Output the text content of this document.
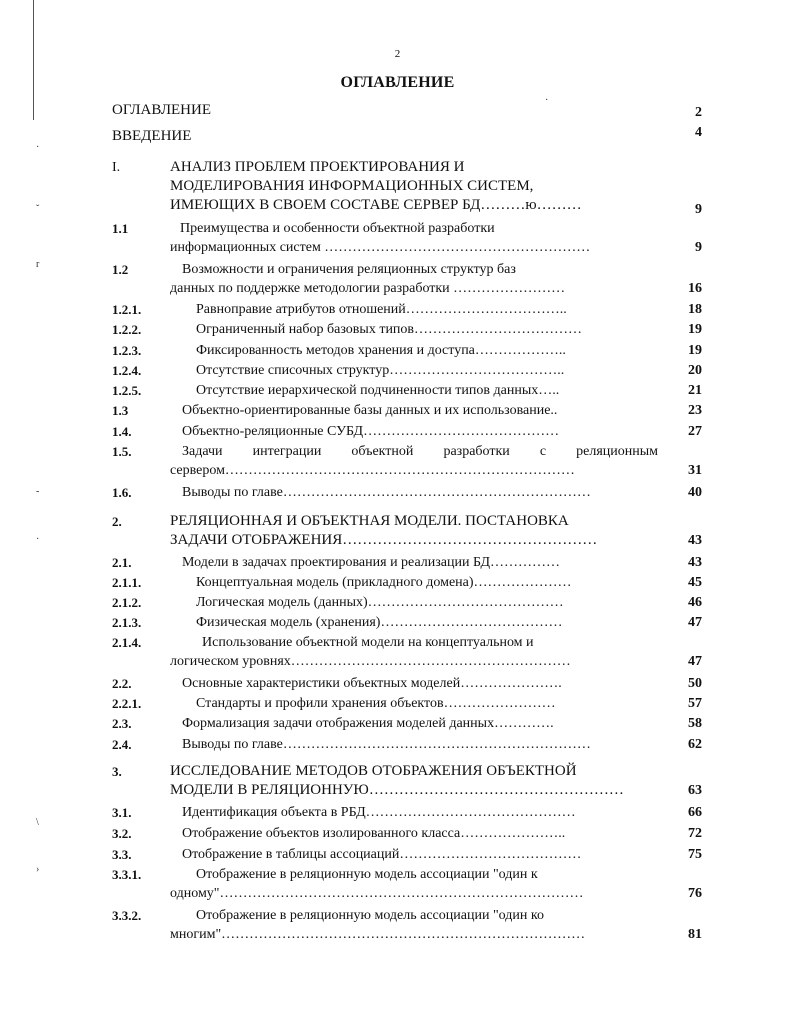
·
ˇ
r
-
·
\
›
·
2
ОГЛАВЛЕНИЕ
ОГЛАВЛЕНИЕ	2
ВВЕДЕНИЕ	4
I.	АНАЛИЗ ПРОБЛЕМ ПРОЕКТИРОВАНИЯ И
МОДЕЛИРОВАНИЯ ИНФОРМАЦИОННЫХ СИСТЕМ,
ИМЕЮЩИХ В СВОЕМ СОСТАВЕ СЕРВЕР БД………ю………	9
1.1	Преимущества и особенности объектной разработки
информационных систем …………………………………………………	9
1.2	Возможности и ограничения реляционных структур баз
данных по поддержке методологии разработки ……………………	16
1.2.1.	Равноправие атрибутов отношений……………………………..	18
1.2.2.	Ограниченный набор базовых типов………………………………	19
1.2.3.	Фиксированность методов хранения и доступа………………..	19
1.2.4.	Отсутствие списочных структур………………………………..	20
1.2.5.	Отсутствие иерархической подчиненности типов данных…..	21
1.3	Объектно-ориентированные базы данных и их использование..	23
1.4.	Объектно-реляционные СУБД……………………………………	27
1.5.	Задачи интеграции объектной разработки с реляционным
сервером…………………………………………………………………	31
1.6.	Выводы по главе…………………………………………………………	40
2.	РЕЛЯЦИОННАЯ И ОБЪЕКТНАЯ МОДЕЛИ. ПОСТАНОВКА
ЗАДАЧИ ОТОБРАЖЕНИЯ……………………………………………	43
2.1.	Модели в задачах проектирования и реализации БД……………	43
2.1.1.	Концептуальная модель (прикладного домена)…………………	45
2.1.2.	Логическая модель (данных)……………………………………	46
2.1.3.	Физическая модель (хранения)…………………………………	47
2.1.4.	Использование объектной модели на концептуальном и
логическом уровнях……………………………………………………	47
2.2.	Основные характеристики объектных моделей………………….	50
2.2.1.	Стандарты и профили хранения объектов……………………	57
2.3.	Формализация задачи отображения моделей данных………….	58
2.4.	Выводы по главе…………………………………………………………	62
3.	ИССЛЕДОВАНИЕ МЕТОДОВ ОТОБРАЖЕНИЯ ОБЪЕКТНОЙ
МОДЕЛИ В РЕЛЯЦИОННУЮ……………………………………………	63
3.1.	Идентификация объекта в РБД………………………………………	66
3.2.	Отображение объектов изолированного класса…………………..	72
3.3.	Отображение в таблицы ассоциаций…………………………………	75
3.3.1.	Отображение в реляционную модель ассоциации "один к
одному"……………………………………………………………………	76
3.3.2.	Отображение в реляционную модель ассоциации "один ко
многим"……………………………………………………………………	81
